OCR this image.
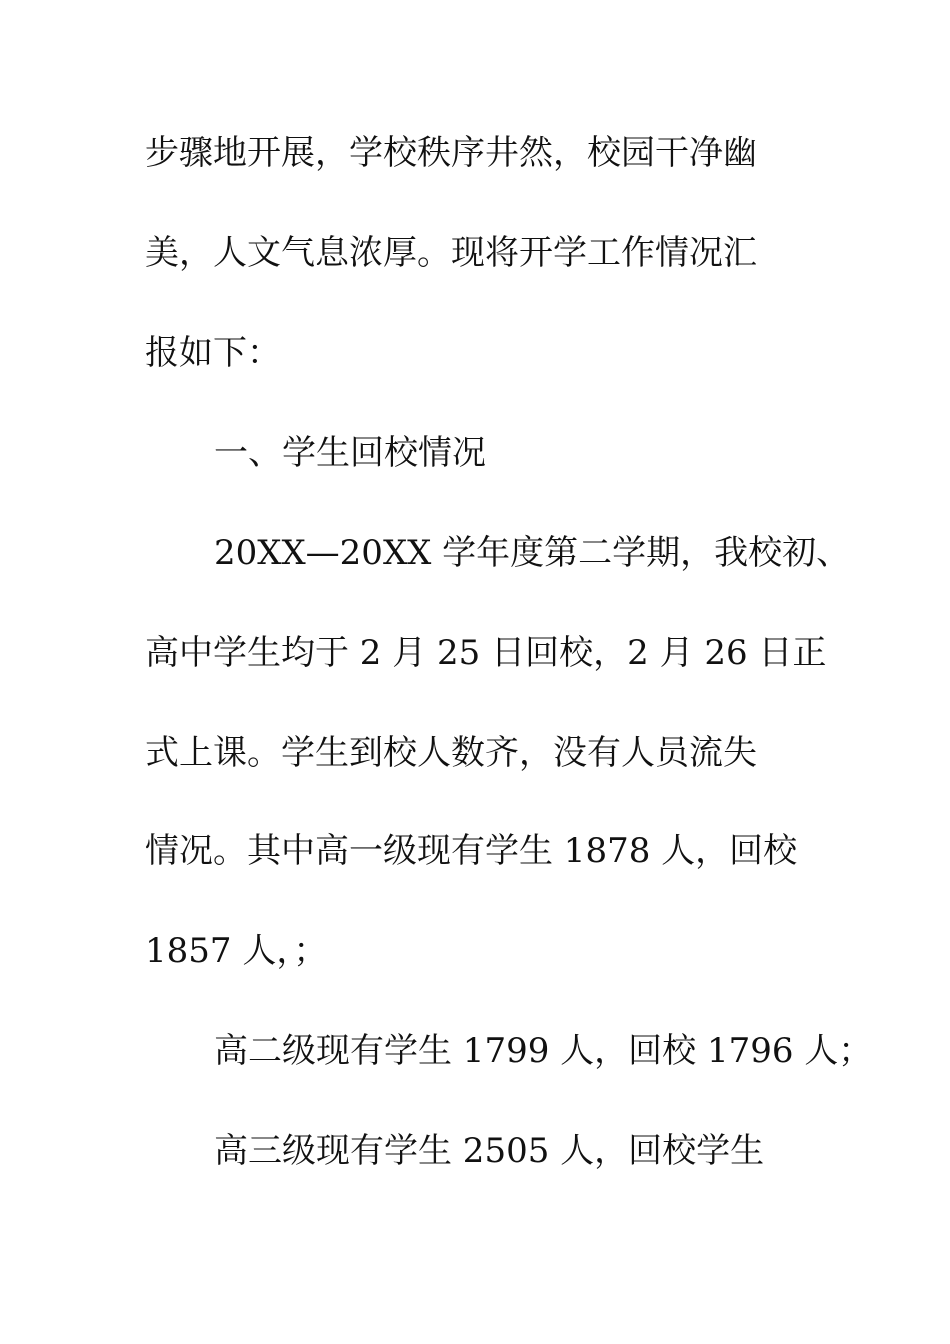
步骤地开展，学校秩序井然，校园干净幽

美，人文气息浓厚。现将开学工作情况汇

报如下：

一、学生回校情况

20XX—20XX 学年度第二学期，我校初、

高中学生均于 2 月 25 日回校，2 月 26 日正

式上课。学生到校人数齐，没有人员流失

情况。其中高一级现有学生 1878 人，回校

1857 人，；

高二级现有学生 1799 人，回校 1796 人；

高三级现有学生 2505 人，回校学生
